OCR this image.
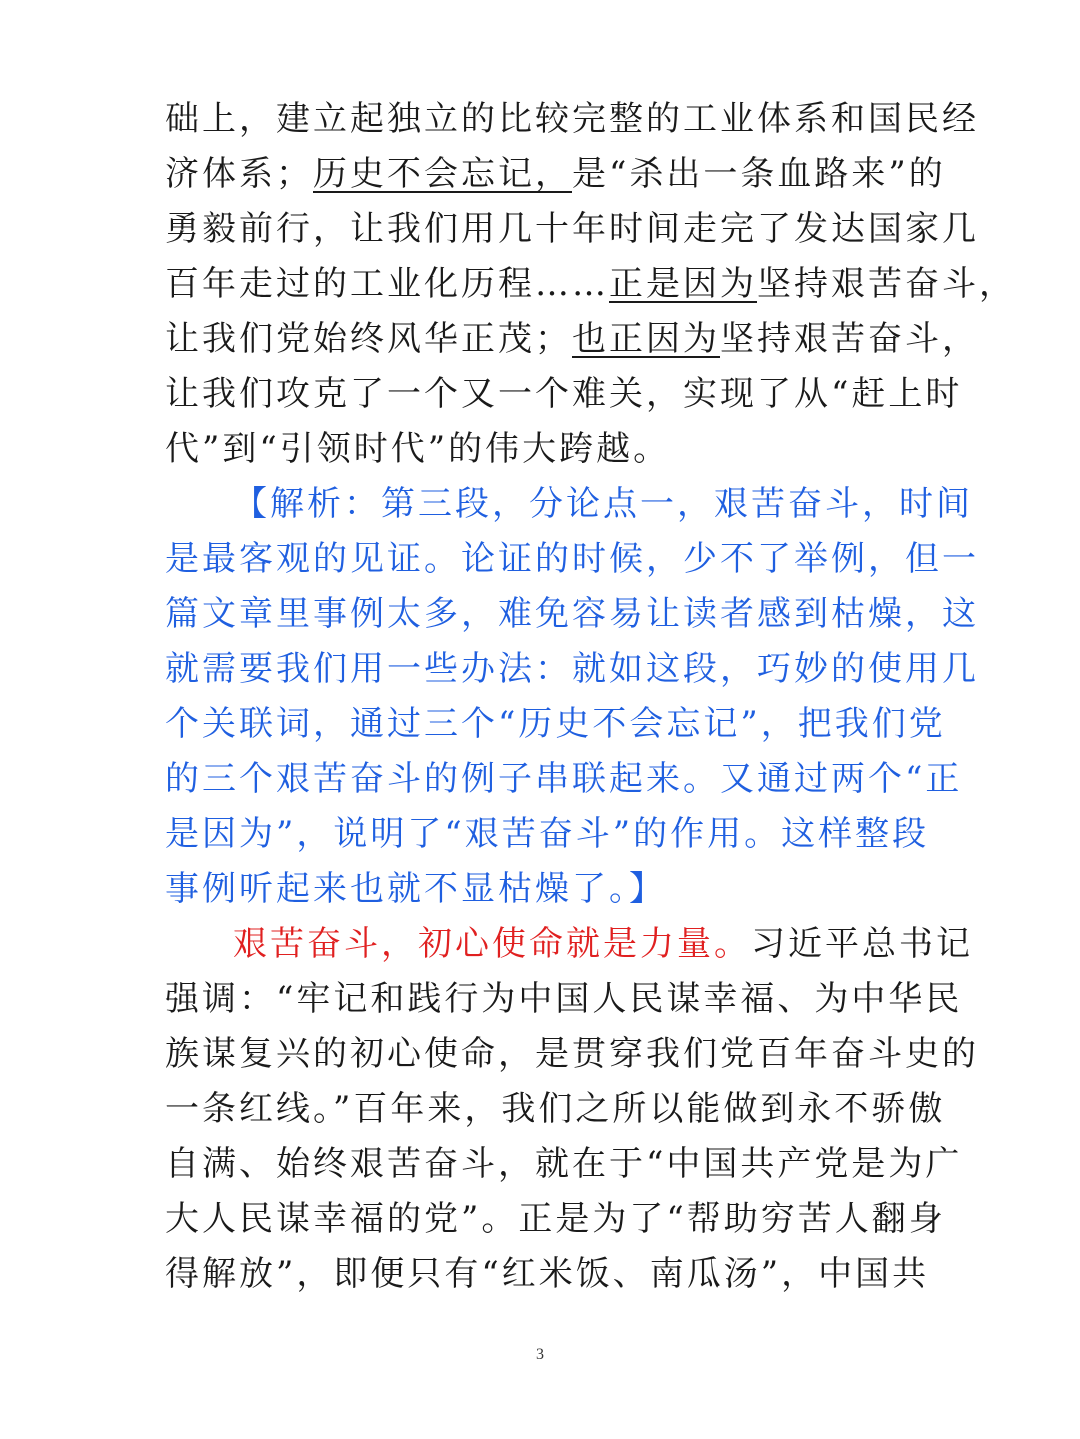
础上，建立起独立的比较完整的工业体系和国民经
济体系； 历史不会忘记， 是“杀出一条血路来”的
勇毅前行，让我们用几十年时间走完了发达国家几
百年走过的工业化历程…… 正是因为 坚持艰苦奋斗，
让我们党始终风华正茂； 也正因为 坚持艰苦奋斗，
让我们攻克了一个又一个难关，实现了从“赶上时
代”到“引领时代”的伟大跨越。
【解析：第三段，分论点一，艰苦奋斗，时间
是最客观的见证。论证的时候，少不了举例，但一
篇文章里事例太多，难免容易让读者感到枯燥，这
就需要我们用一些办法：就如这段，巧妙的使用几
个关联词，通过三个“历史不会忘记”，把我们党
的三个艰苦奋斗的例子串联起来。又通过两个“正
是因为”，说明了“艰苦奋斗”的作用。这样整段
事例听起来也就不显枯燥了。】
艰苦奋斗，初心使命就是力量。 习近平总书记
强调：“牢记和践行为中国人民谋幸福、为中华民
族谋复兴的初心使命，是贯穿我们党百年奋斗史的
一条红线。”百年来，我们之所以能做到永不骄傲
自满、始终艰苦奋斗，就在于“中国共产党是为广
大人民谋幸福的党”。正是为了“帮助穷苦人翻身
得解放”，即便只有“红米饭、南瓜汤”，中国共
3
